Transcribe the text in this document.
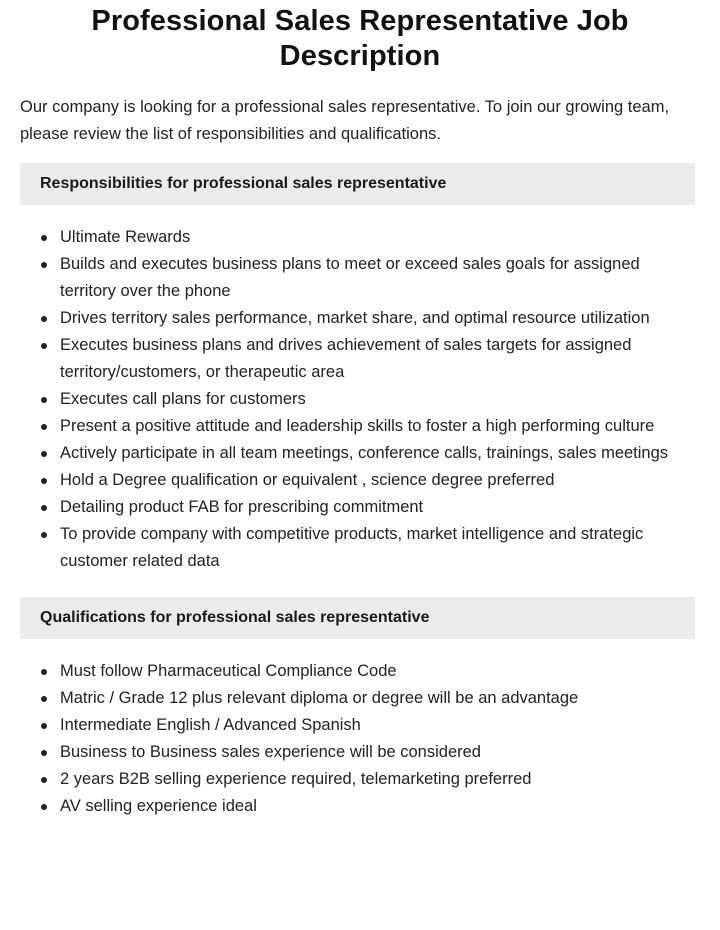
Professional Sales Representative Job Description
Our company is looking for a professional sales representative. To join our growing team, please review the list of responsibilities and qualifications.
Responsibilities for professional sales representative
Ultimate Rewards
Builds and executes business plans to meet or exceed sales goals for assigned territory over the phone
Drives territory sales performance, market share, and optimal resource utilization
Executes business plans and drives achievement of sales targets for assigned territory/customers, or therapeutic area
Executes call plans for customers
Present a positive attitude and leadership skills to foster a high performing culture
Actively participate in all team meetings, conference calls, trainings, sales meetings
Hold a Degree qualification or equivalent , science degree preferred
Detailing product FAB for prescribing commitment
To provide company with competitive products, market intelligence and strategic customer related data
Qualifications for professional sales representative
Must follow Pharmaceutical Compliance Code
Matric / Grade 12 plus relevant diploma or degree will be an advantage
Intermediate English / Advanced Spanish
Business to Business sales experience will be considered
2 years B2B selling experience required, telemarketing preferred
AV selling experience ideal
